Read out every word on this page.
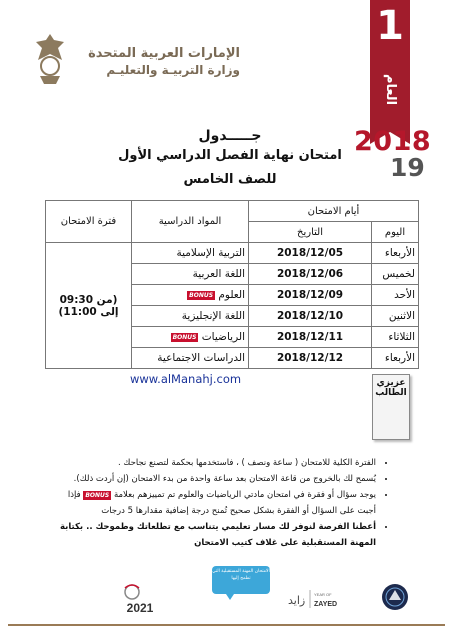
الإمارات العربية المتحدة
وزارة التربيـة والتعليـم
1
العام الدراسي
2018
19
جـــــدول
امتحان نهاية الفصل الدراسي الأول
للصف الخامس
أيام الامتحان		المواد الدراسية	فترة الامتحان
اليوم	التاريخ		
الأربعاء	2018/12/05	التربية الإسلامية	(من 09:30 إلى 11:00)
لخميس	2018/12/06	اللغة العربية	
الأحد	2018/12/09	العلوم BONUS	
الاثنين	2018/12/10	اللغة الإنجليزية	
الثلاثاء	2018/12/11	الرياضيات BONUS	
الأربعاء	2018/12/12	الدراسات الاجتماعية	
www.alManahj.com	عزيزي الطالب
• الفترة الكلية للامتحان ( ساعة ونصف ) ، فاستخدمها بحكمة لتصنع نجاحك .
• يُسمح لك بالخروج من قاعة الامتحان بعد ساعة واحدة من بدء الامتحان (إن أردت ذلك).
• يوجد سؤال أو فقرة في امتحان مادتي الرياضيات والعلوم تم تمييزهم بعلامة BONUS فإذا أجبت على السؤال أو الفقرة بشكل صحيح تُمنح درجة إضافية مقدارها 5 درجات
• أعطنا الفرصة لنوفر لك مسار تعليمي يتناسب مع تطلعاتك وطموحك .. بكتابة المهنة المستقبلية على غلاف كتيب الامتحان
الامتحان المهنة المستقبلية التي تطمح إليها
2021
زايد YEAR OF
ZAYED
